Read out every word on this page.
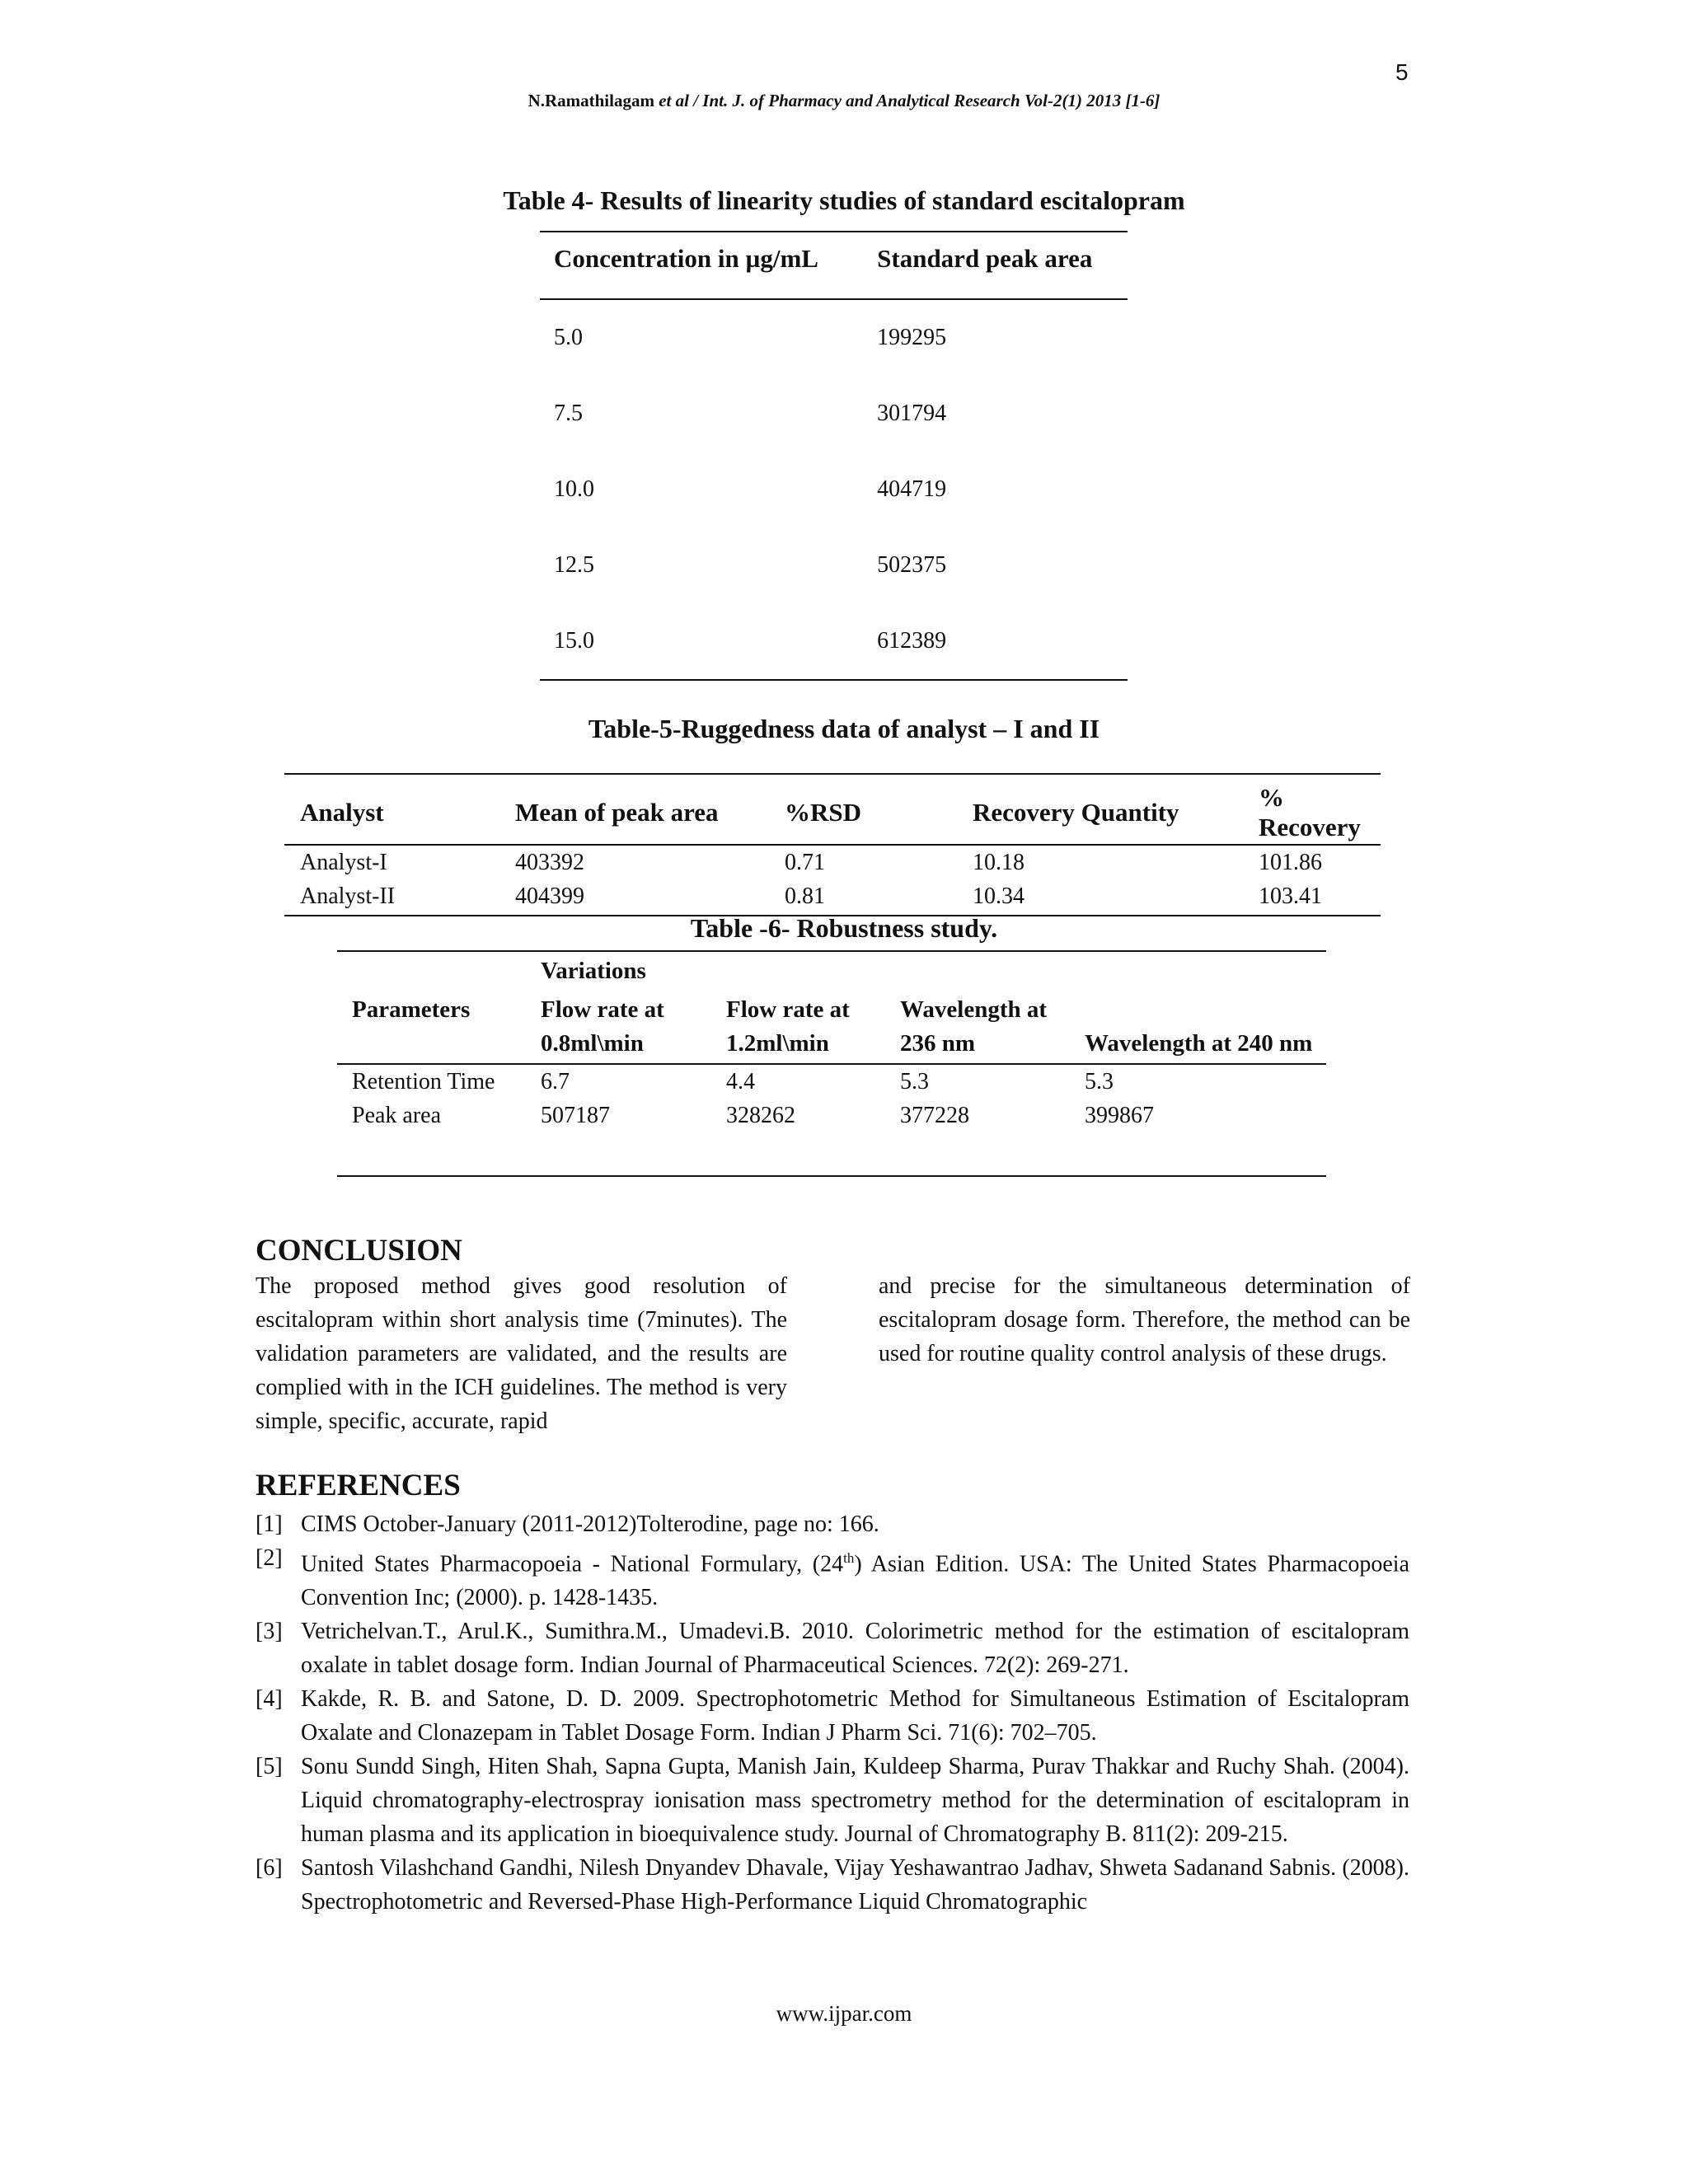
5
N.Ramathilagam et al / Int. J. of Pharmacy and Analytical Research Vol-2(1) 2013 [1-6]
Table 4- Results of linearity studies of standard escitalopram
Concentration in µg/mL	Standard peak area
5.0	199295
7.5	301794
10.0	404719
12.5	502375
15.0	612389
Table-5-Ruggedness data of analyst – I and II
Analyst	Mean of peak area	%RSD	Recovery Quantity	% Recovery
Analyst-I	403392	0.71	10.18	101.86
Analyst-II	404399	0.81	10.34	103.41
Table -6- Robustness study.
	Variations			
Parameters	Flow rate at 0.8ml\min	Flow rate at 1.2ml\min	Wavelength at 236 nm	Wavelength at 240 nm
Retention Time	6.7	4.4	5.3	5.3
Peak area	507187	328262	377228	399867

CONCLUSION
The proposed method gives good resolution of escitalopram within short analysis time (7minutes). The validation parameters are validated, and the results are complied with in the ICH guidelines. The method is very simple, specific, accurate, rapid
and precise for the simultaneous determination of escitalopram dosage form. Therefore, the method can be used for routine quality control analysis of these drugs.
REFERENCES
[1] CIMS October-January (2011-2012)Tolterodine, page no: 166.
[2] United States Pharmacopoeia - National Formulary, (24th) Asian Edition. USA: The United States Pharmacopoeia Convention Inc; (2000). p. 1428-1435.
[3] Vetrichelvan.T., Arul.K., Sumithra.M., Umadevi.B. 2010. Colorimetric method for the estimation of escitalopram oxalate in tablet dosage form. Indian Journal of Pharmaceutical Sciences. 72(2): 269-271.
[4] Kakde, R. B. and Satone, D. D. 2009. Spectrophotometric Method for Simultaneous Estimation of Escitalopram Oxalate and Clonazepam in Tablet Dosage Form. Indian J Pharm Sci. 71(6): 702–705.
[5] Sonu Sundd Singh, Hiten Shah, Sapna Gupta, Manish Jain, Kuldeep Sharma, Purav Thakkar and Ruchy Shah. (2004). Liquid chromatography-electrospray ionisation mass spectrometry method for the determination of escitalopram in human plasma and its application in bioequivalence study. Journal of Chromatography B. 811(2): 209-215.
[6] Santosh Vilashchand Gandhi, Nilesh Dnyandev Dhavale, Vijay Yeshawantrao Jadhav, Shweta Sadanand Sabnis. (2008). Spectrophotometric and Reversed-Phase High-Performance Liquid Chromatographic
www.ijpar.com
